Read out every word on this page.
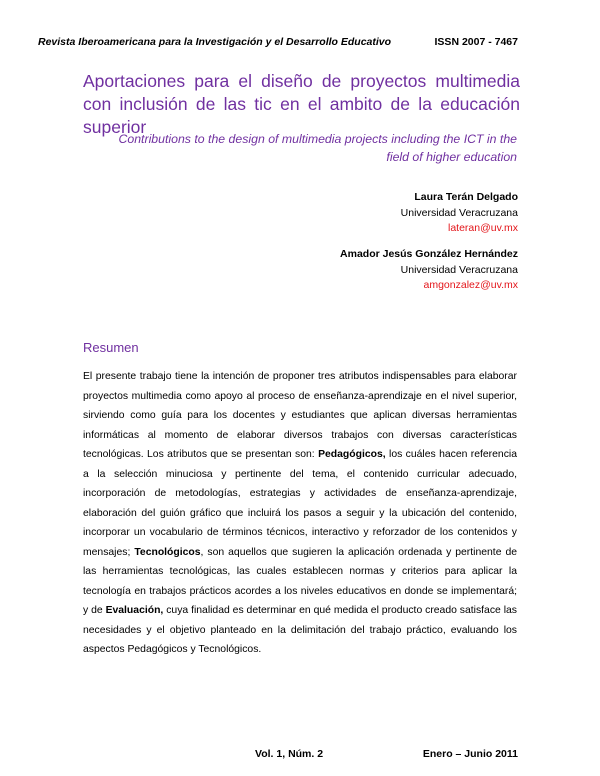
Revista Iberoamericana para la Investigación y el Desarrollo Educativo	ISSN 2007 - 7467
Aportaciones para el diseño de proyectos multimedia con inclusión de las tic en el ambito de la educación superior
Contributions to the design of multimedia projects including the ICT in the field of higher education
Laura Terán Delgado
Universidad Veracruzana
lateran@uv.mx
Amador Jesús González Hernández
Universidad Veracruzana
amgonzalez@uv.mx
Resumen
El presente trabajo tiene la intención de proponer tres atributos indispensables para elaborar proyectos multimedia como apoyo al proceso de enseñanza-aprendizaje en el nivel superior, sirviendo como guía para los docentes y estudiantes que aplican diversas herramientas informáticas al momento de elaborar diversos trabajos con diversas características tecnológicas. Los atributos que se presentan son: Pedagógicos, los cuáles hacen referencia a la selección minuciosa y pertinente del tema, el contenido curricular adecuado, incorporación de metodologías, estrategias y actividades de enseñanza-aprendizaje, elaboración del guión gráfico que incluirá los pasos a seguir y la ubicación del contenido, incorporar un vocabulario de términos técnicos, interactivo y reforzador de los contenidos y mensajes; Tecnológicos, son aquellos que sugieren la aplicación ordenada y pertinente de las herramientas tecnológicas, las cuales establecen normas y criterios para aplicar la tecnología en trabajos prácticos acordes a los niveles educativos en donde se implementará; y de Evaluación, cuya finalidad es determinar en qué medida el producto creado satisface las necesidades y el objetivo planteado en la delimitación del trabajo práctico, evaluando los aspectos Pedagógicos y Tecnológicos.
Vol. 1, Núm. 2	Enero – Junio 2011
